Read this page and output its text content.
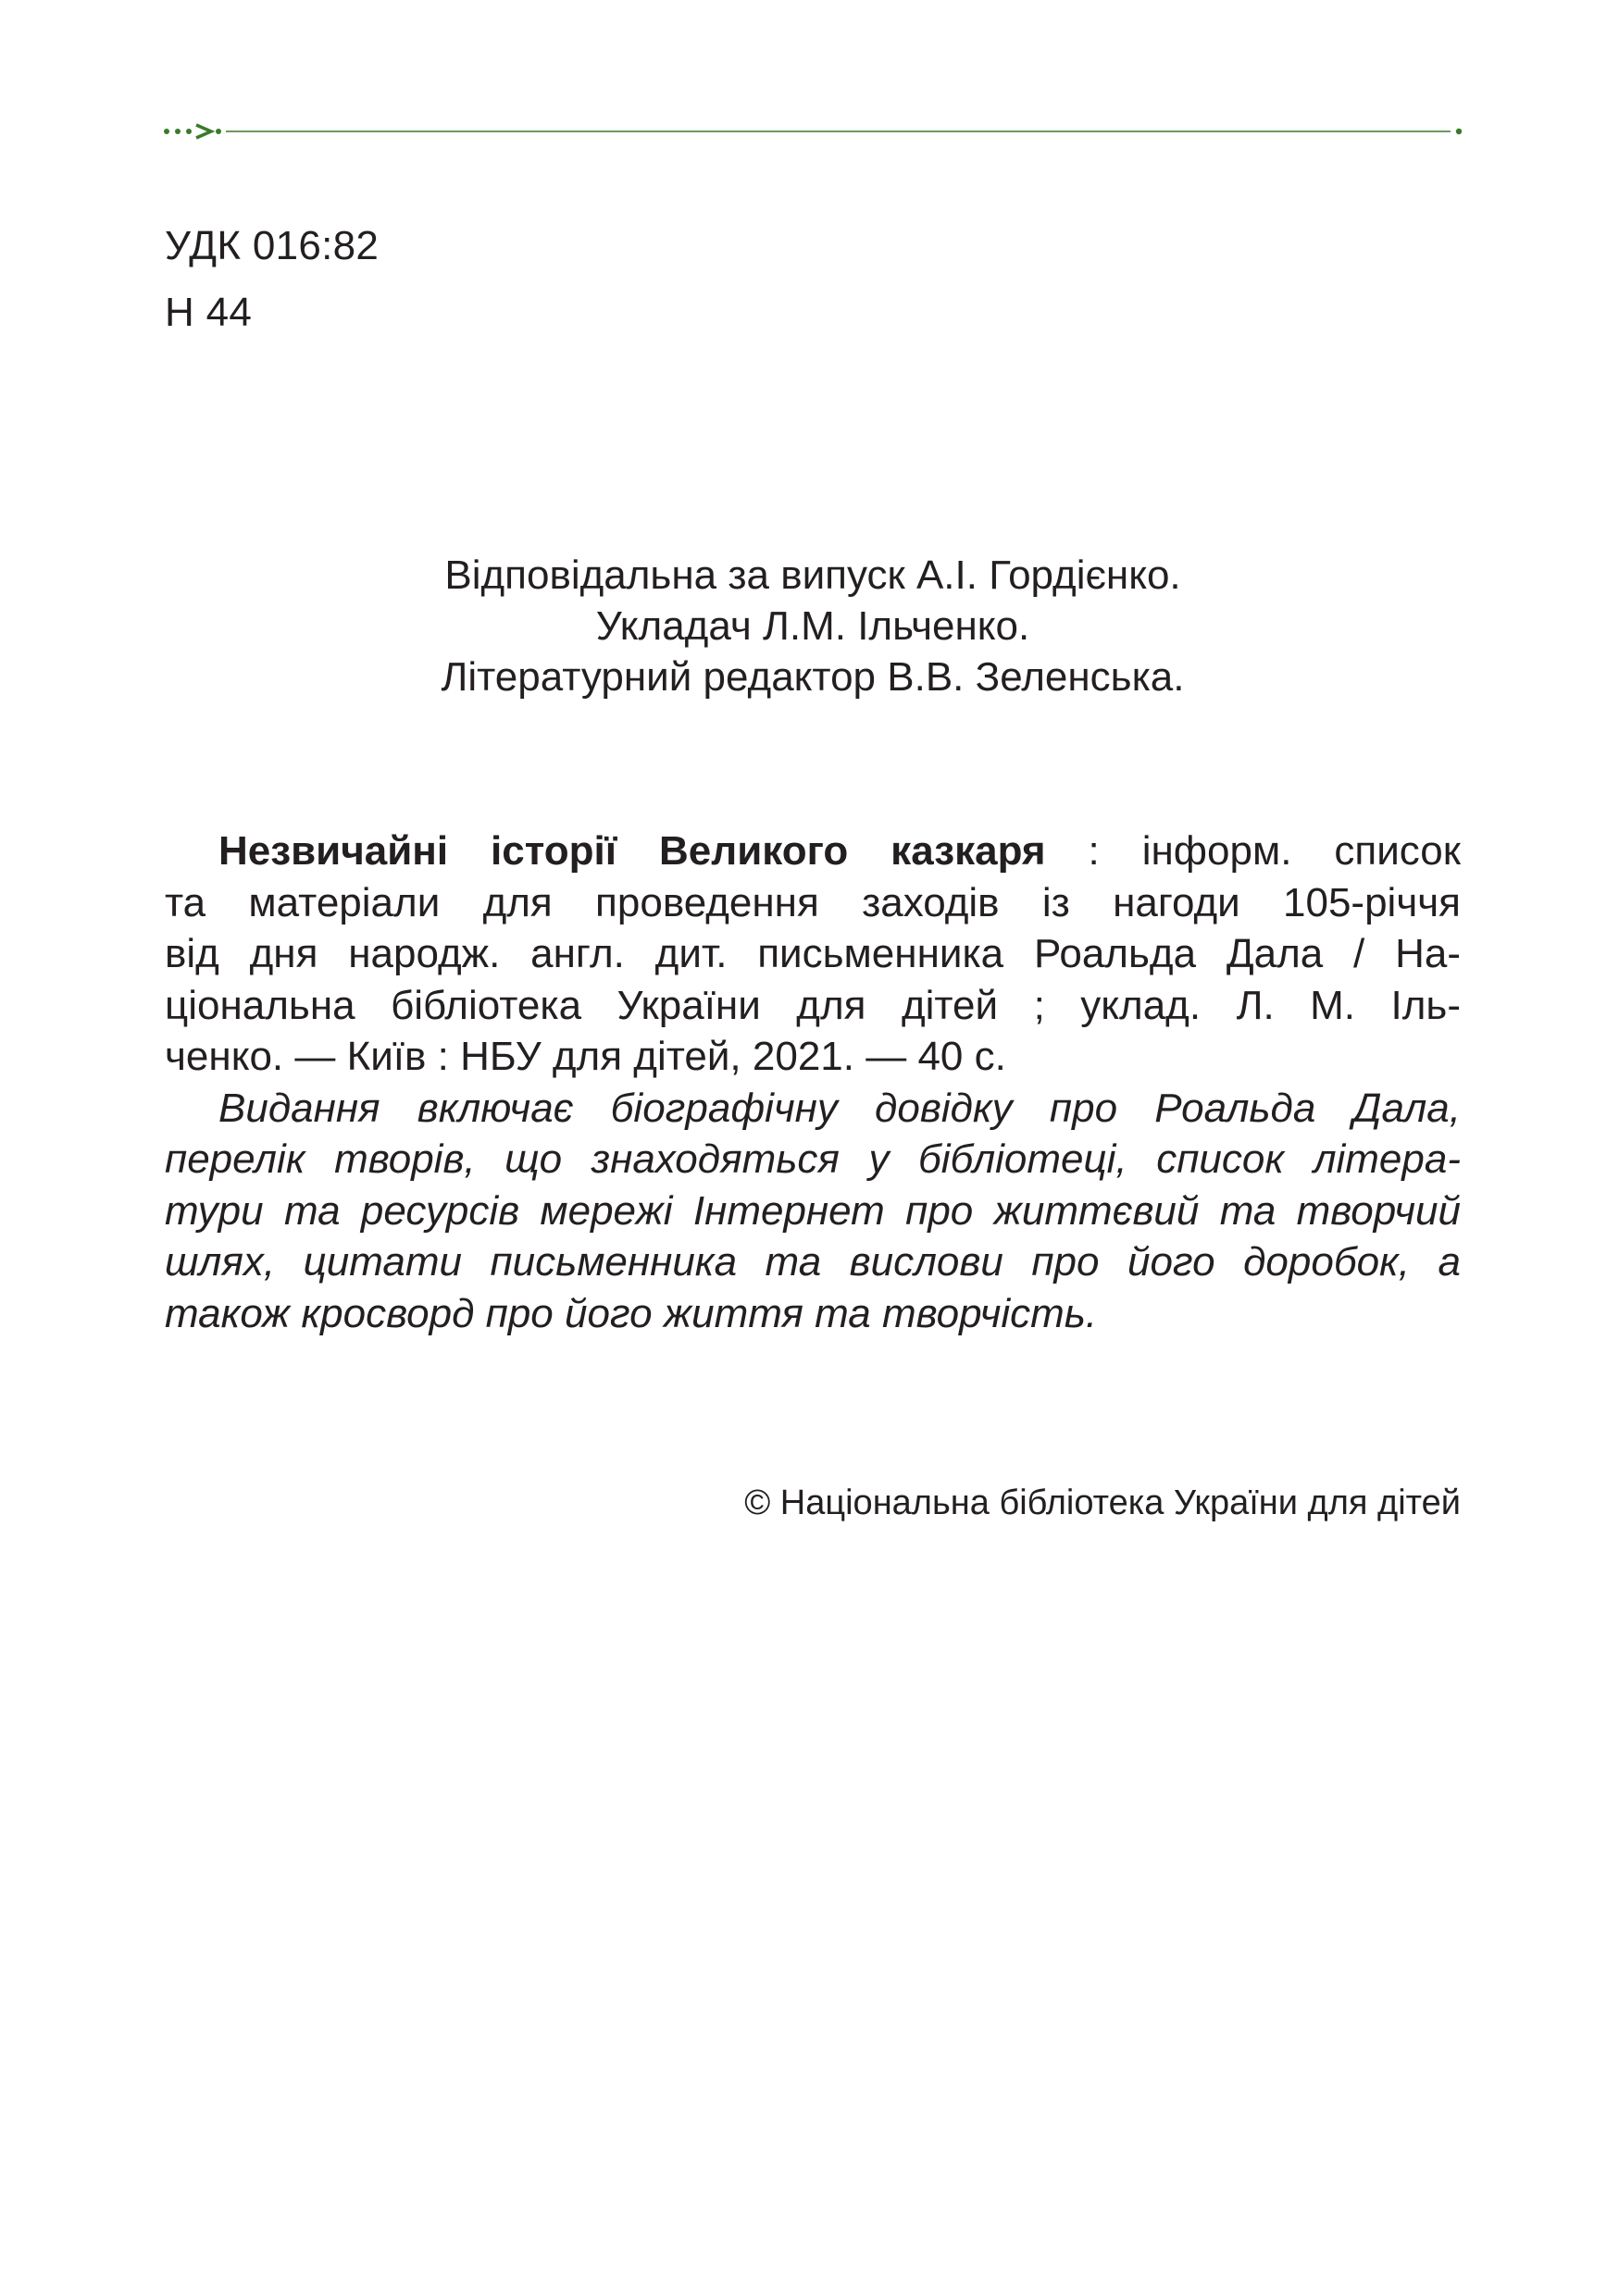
УДК 016:82
Н 44
Відповідальна за випуск А.І. Гордієнко.
Укладач Л.М. Ільченко.
Літературний редактор В.В. Зеленська.
Незвичайні історії Великого казкаря : інформ. список
та матеріали для проведення заходів із нагоди 105-річчя
від дня народж. англ. дит. письменника Роальда Дала / На-
ціональна бібліотека України для дітей ; уклад. Л. М. Іль-
ченко. — Київ : НБУ для дітей, 2021. — 40 с.
Видання включає біографічну довідку про Роальда Дала,
перелік творів, що знаходяться у бібліотеці, список літера-
тури та ресурсів мережі Інтернет про життєвий та творчий
шлях, цитати письменника та вислови про його доробок, а
також кросворд про його життя та творчість.
© Національна бібліотека України для дітей
